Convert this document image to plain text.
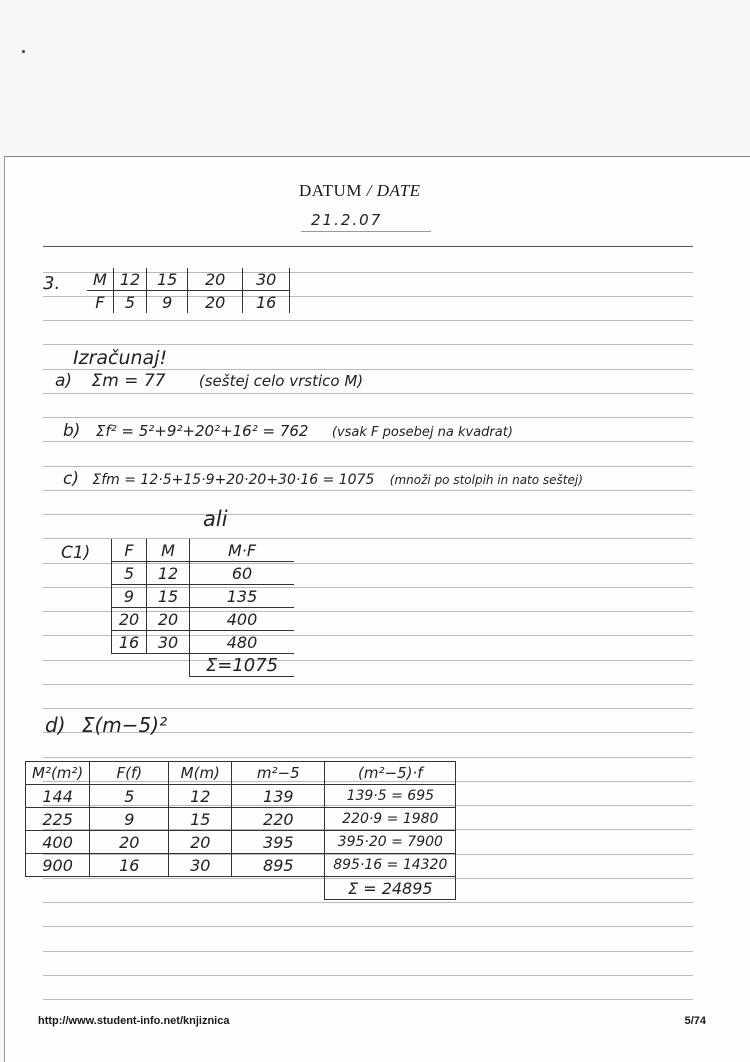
DATUM / DATE
21.2.07
3. M	12	15	20	30
F	5	9	20	16
Izračunaj!
a) Σm = 77 (seštej celo vrstico M)
b) Σf² = 5²+9²+20²+16² = 762 (vsak F posebej na kvadrat)
c) Σfm = 12·5+15·9+20·20+30·16 = 1075 (množi po stolpih in nato seštej)
ali
C1) F	M	M·F
5	12	60
9	15	135
20	20	400
16	30	480
		Σ=1075
d) Σ(m−5)²
M²(m²)	F(f)	M(m)	m²−5	(m²−5)·f
144	5	12	139	139·5 = 695
225	9	15	220	220·9 = 1980
400	20	20	395	395·20 = 7900
900	16	30	895	895·16 = 14320
				Σ = 24895
http://www.student-info.net/knjiznica	5/74
